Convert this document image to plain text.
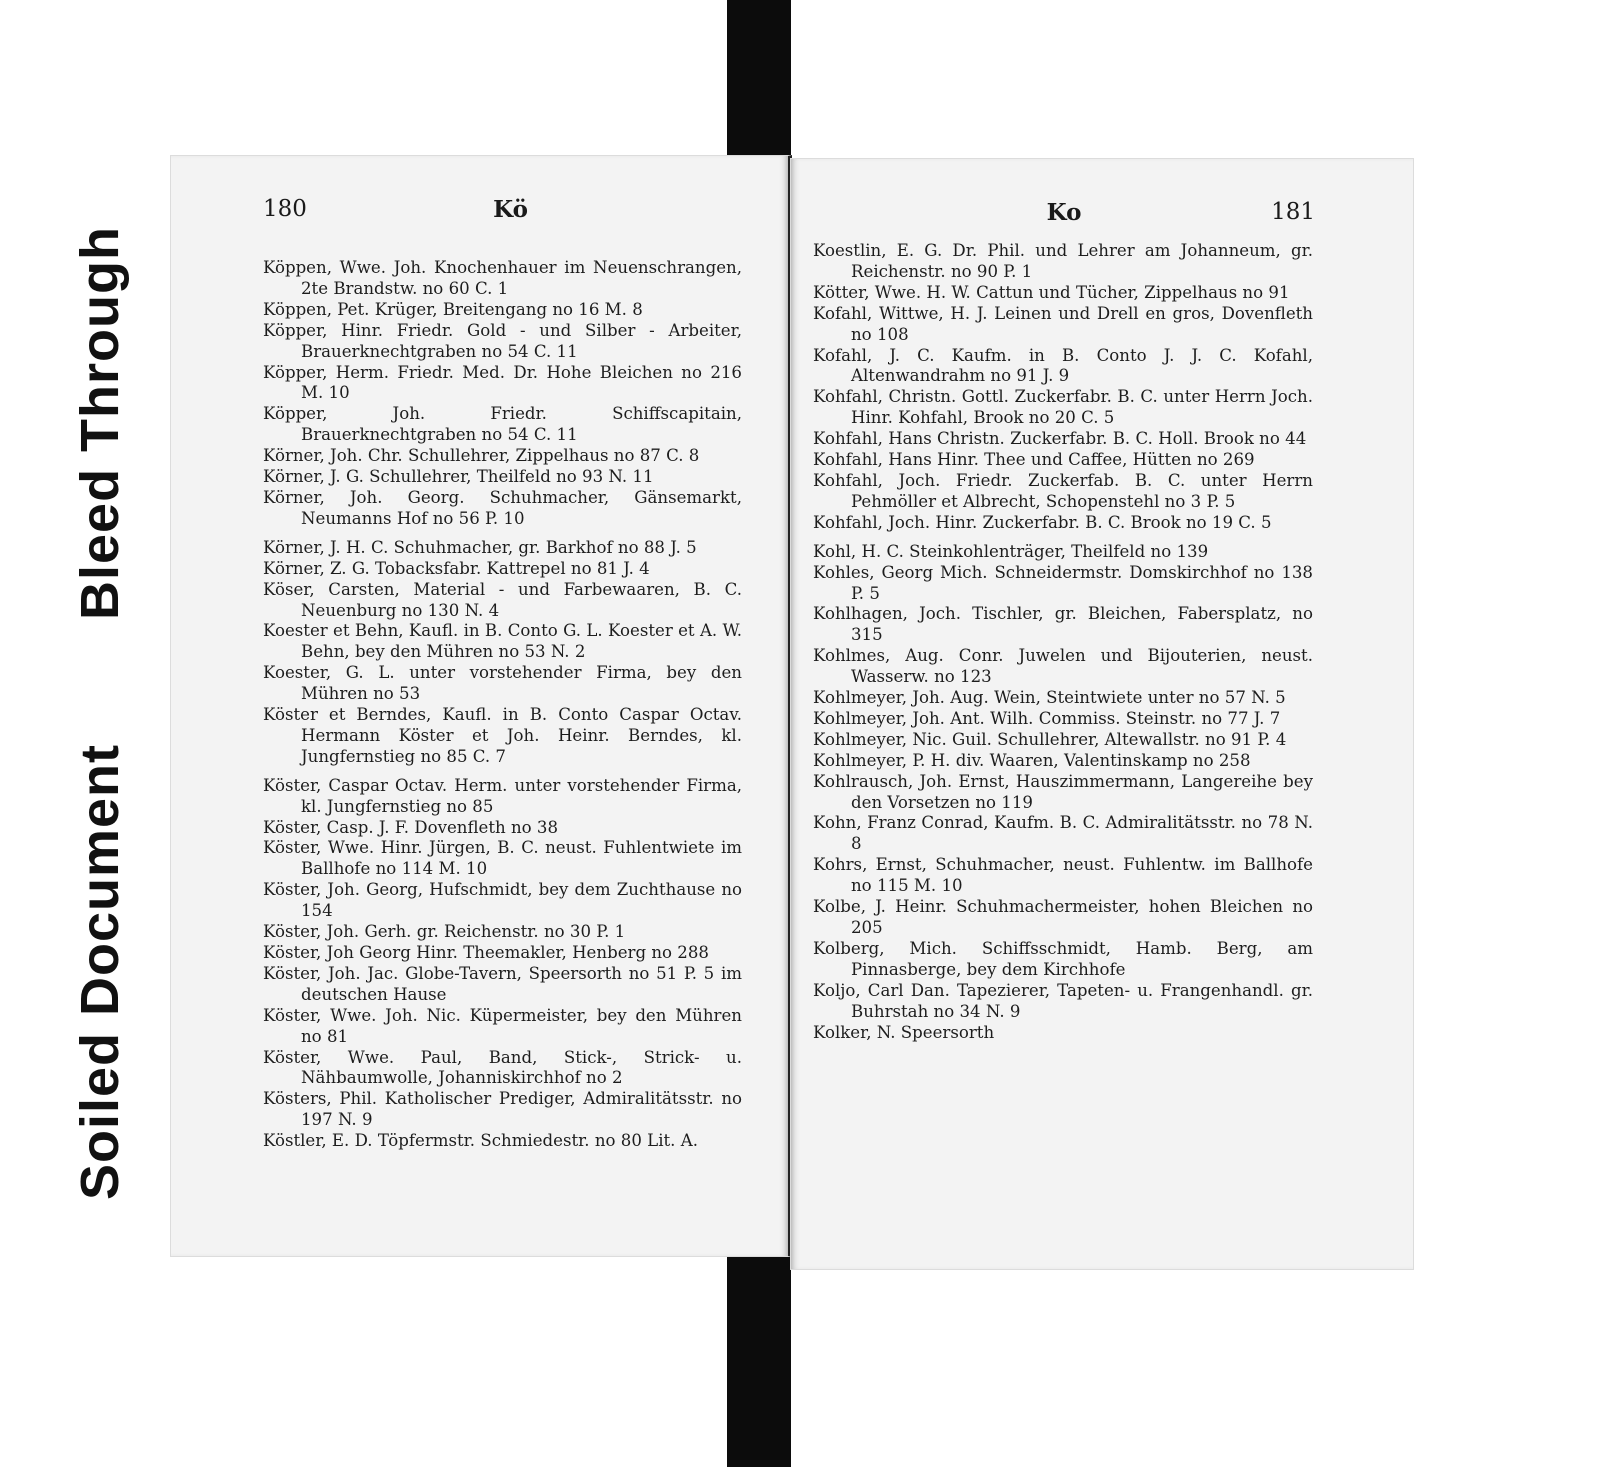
Bleed Through
Soiled Document
180	Kö
Köppen, Wwe. Joh. Knochenhauer im Neuenschrangen, 2te Brandstw. no 60 C. 1
Köppen, Pet. Krüger, Breitengang no 16 M. 8
Köpper, Hinr. Friedr. Gold - und Silber - Arbeiter, Brauerknechtgraben no 54 C. 11
Köpper, Herm. Friedr. Med. Dr. Hohe Bleichen no 216 M. 10
Köpper, Joh. Friedr. Schiffscapitain, Brauerknechtgraben no 54 C. 11
Körner, Joh. Chr. Schullehrer, Zippelhaus no 87 C. 8
Körner, J. G. Schullehrer, Theilfeld no 93 N. 11
Körner, Joh. Georg. Schuhmacher, Gänsemarkt, Neumanns Hof no 56 P. 10
Körner, J. H. C. Schuhmacher, gr. Barkhof no 88 J. 5
Körner, Z. G. Tobacksfabr. Kattrepel no 81 J. 4
Köser, Carsten, Material - und Farbewaaren, B. C. Neuenburg no 130 N. 4
Koester et Behn, Kaufl. in B. Conto G. L. Koester et A. W. Behn, bey den Mühren no 53 N. 2
Koester, G. L. unter vorstehender Firma, bey den Mühren no 53
Köster et Berndes, Kaufl. in B. Conto Caspar Octav. Hermann Köster et Joh. Heinr. Berndes, kl. Jungfernstieg no 85 C. 7
Köster, Caspar Octav. Herm. unter vorstehender Firma, kl. Jungfernstieg no 85
Köster, Casp. J. F. Dovenfleth no 38
Köster, Wwe. Hinr. Jürgen, B. C. neust. Fuhlentwiete im Ballhofe no 114 M. 10
Köster, Joh. Georg, Hufschmidt, bey dem Zuchthause no 154
Köster, Joh. Gerh. gr. Reichenstr. no 30 P. 1
Köster, Joh Georg Hinr. Theemakler, Henberg no 288
Köster, Joh. Jac. Globe-Tavern, Speersorth no 51 P. 5 im deutschen Hause
Köster, Wwe. Joh. Nic. Küpermeister, bey den Mühren no 81
Köster, Wwe. Paul, Band, Stick-, Strick- u. Nähbaumwolle, Johanniskirchhof no 2
Kösters, Phil. Katholischer Prediger, Admiralitätsstr. no 197 N. 9
Köstler, E. D. Töpfermstr. Schmiedestr. no 80 Lit. A.
Ko	181
Koestlin, E. G. Dr. Phil. und Lehrer am Johanneum, gr. Reichenstr. no 90 P. 1
Kötter, Wwe. H. W. Cattun und Tücher, Zippelhaus no 91
Kofahl, Wittwe, H. J. Leinen und Drell en gros, Dovenfleth no 108
Kofahl, J. C. Kaufm. in B. Conto J. J. C. Kofahl, Altenwandrahm no 91 J. 9
Kohfahl, Christn. Gottl. Zuckerfabr. B. C. unter Herrn Joch. Hinr. Kohfahl, Brook no 20 C. 5
Kohfahl, Hans Christn. Zuckerfabr. B. C. Holl. Brook no 44
Kohfahl, Hans Hinr. Thee und Caffee, Hütten no 269
Kohfahl, Joch. Friedr. Zuckerfab. B. C. unter Herrn Pehmöller et Albrecht, Schopenstehl no 3 P. 5
Kohfahl, Joch. Hinr. Zuckerfabr. B. C. Brook no 19 C. 5
Kohl, H. C. Steinkohlenträger, Theilfeld no 139
Kohles, Georg Mich. Schneidermstr. Domskirchhof no 138 P. 5
Kohlhagen, Joch. Tischler, gr. Bleichen, Fabersplatz, no 315
Kohlmes, Aug. Conr. Juwelen und Bijouterien, neust. Wasserw. no 123
Kohlmeyer, Joh. Aug. Wein, Steintwiete unter no 57 N. 5
Kohlmeyer, Joh. Ant. Wilh. Commiss. Steinstr. no 77 J. 7
Kohlmeyer, Nic. Guil. Schullehrer, Altewallstr. no 91 P. 4
Kohlmeyer, P. H. div. Waaren, Valentinskamp no 258
Kohlrausch, Joh. Ernst, Hauszimmermann, Langereihe bey den Vorsetzen no 119
Kohn, Franz Conrad, Kaufm. B. C. Admiralitätsstr. no 78 N. 8
Kohrs, Ernst, Schuhmacher, neust. Fuhlentw. im Ballhofe no 115 M. 10
Kolbe, J. Heinr. Schuhmachermeister, hohen Bleichen no 205
Kolberg, Mich. Schiffsschmidt, Hamb. Berg, am Pinnasberge, bey dem Kirchhofe
Koljo, Carl Dan. Tapezierer, Tapeten- u. Frangenhandl. gr. Buhrstah no 34 N. 9
Kolker, N. Speersorth
